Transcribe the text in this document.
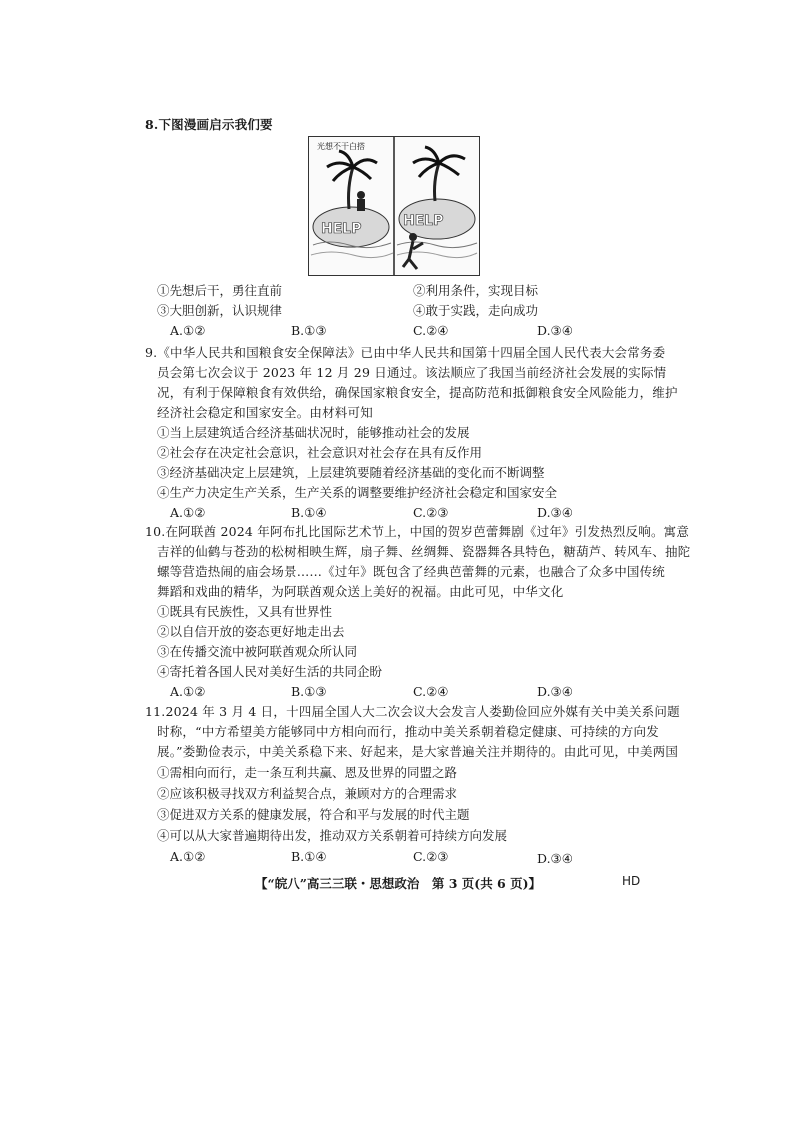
8.下图漫画启示我们要
光想不干白搭
HELP	HELP
①先想后干，勇往直前	②利用条件，实现目标
③大胆创新，认识规律	④敢于实践，走向成功
A.①②	B.①③	C.②④	D.③④
9.《中华人民共和国粮食安全保障法》已由中华人民共和国第十四届全国人民代表大会常务委
员会第七次会议于 2023 年 12 月 29 日通过。该法顺应了我国当前经济社会发展的实际情
况，有利于保障粮食有效供给，确保国家粮食安全，提高防范和抵御粮食安全风险能力，维护
经济社会稳定和国家安全。由材料可知
①当上层建筑适合经济基础状况时，能够推动社会的发展
②社会存在决定社会意识，社会意识对社会存在具有反作用
③经济基础决定上层建筑，上层建筑要随着经济基础的变化而不断调整
④生产力决定生产关系，生产关系的调整要维护经济社会稳定和国家安全
A.①②	B.①④	C.②③	D.③④
10.在阿联酋 2024 年阿布扎比国际艺术节上，中国的贺岁芭蕾舞剧《过年》引发热烈反响。寓意
吉祥的仙鹤与苍劲的松树相映生辉，扇子舞、丝绸舞、瓷器舞各具特色，糖葫芦、转风车、抽陀
螺等营造热闹的庙会场景……《过年》既包含了经典芭蕾舞的元素，也融合了众多中国传统
舞蹈和戏曲的精华，为阿联酋观众送上美好的祝福。由此可见，中华文化
①既具有民族性，又具有世界性
②以自信开放的姿态更好地走出去
③在传播交流中被阿联酋观众所认同
④寄托着各国人民对美好生活的共同企盼
A.①②	B.①③	C.②④	D.③④
11.2024 年 3 月 4 日，十四届全国人大二次会议大会发言人娄勤俭回应外媒有关中美关系问题
时称，“中方希望美方能够同中方相向而行，推动中美关系朝着稳定健康、可持续的方向发
展。”娄勤俭表示，中美关系稳下来、好起来，是大家普遍关注并期待的。由此可见，中美两国
①需相向而行，走一条互利共赢、恩及世界的同盟之路
②应该积极寻找双方利益契合点，兼顾对方的合理需求
③促进双方关系的健康发展，符合和平与发展的时代主题
④可以从大家普遍期待出发，推动双方关系朝着可持续方向发展
A.①②	B.①④	C.②③	D.③④
【“皖八”高三三联・思想政治　第 3 页(共 6 页)】	HD
